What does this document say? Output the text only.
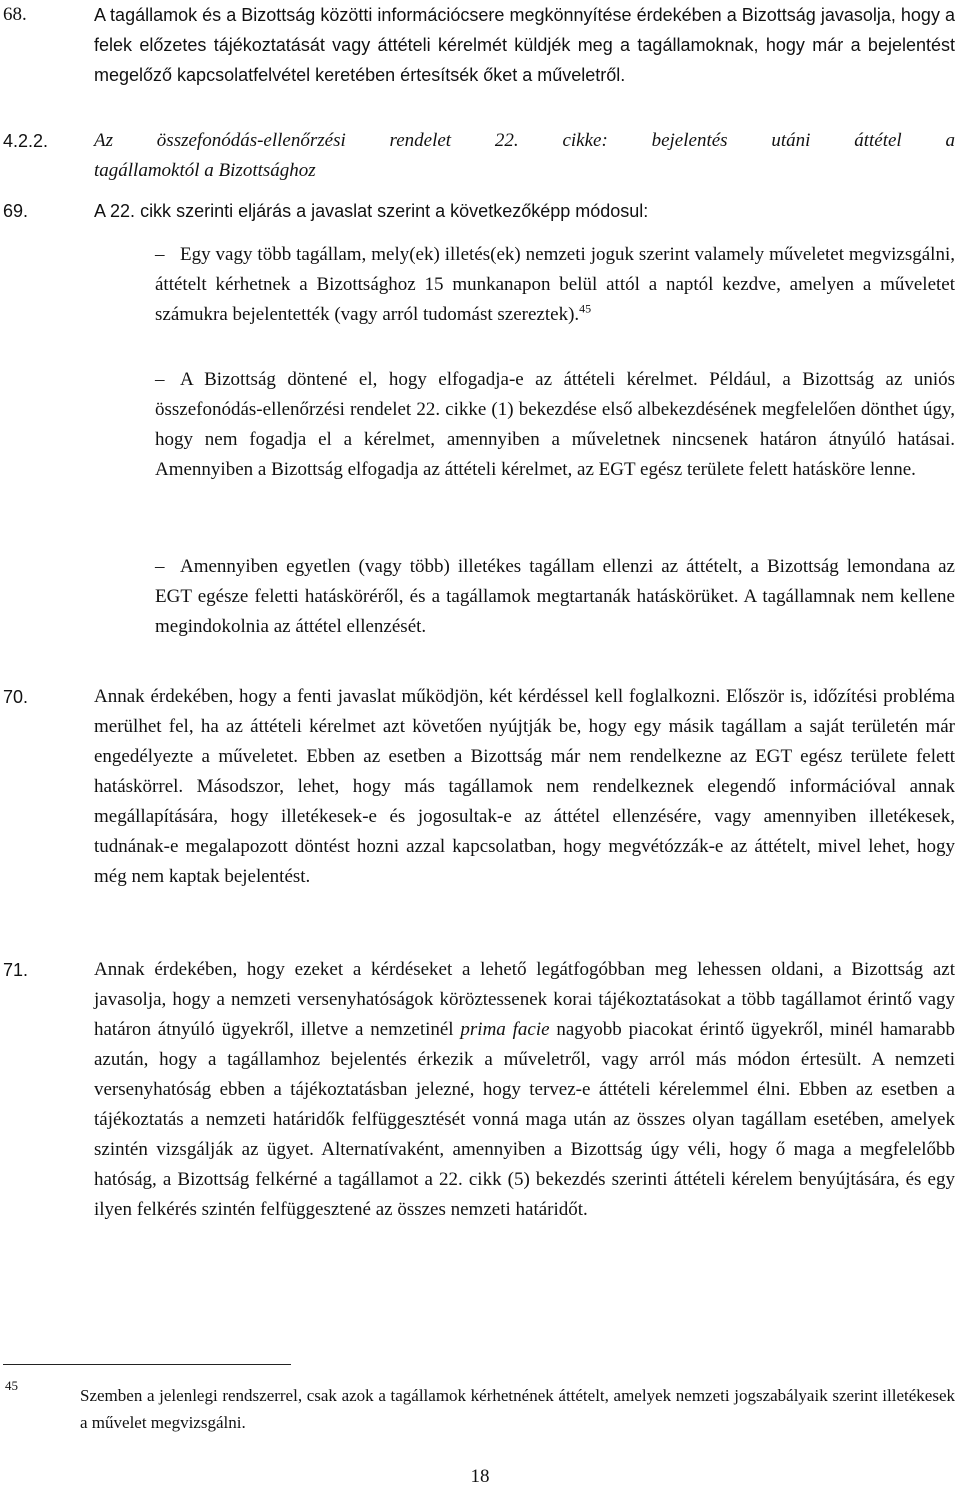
68.	A tagállamok és a Bizottság közötti információcsere megkönnyítése érdekében a Bizottság javasolja, hogy a felek előzetes tájékoztatását vagy áttételi kérelmét küldjék meg a tagállamoknak, hogy már a bejelentést megelőző kapcsolatfelvétel keretében értesítsék őket a műveletről.

4.2.2. Az összefonódás-ellenőrzési rendelet 22. cikke: bejelentés utáni áttétel a
tagállamoktól a Bizottsághoz
69.	A 22. cikk szerinti eljárás a javaslat szerint a következőképp módosul:

– Egy vagy több tagállam, mely(ek) illetés(ek) nemzeti joguk szerint valamely műveletet megvizsgálni, áttételt kérhetnek a Bizottsághoz 15 munkanapon belül attól a naptól kezdve, amelyen a műveletet számukra bejelentették (vagy arról tudomást szereztek).$^{45}$

– A Bizottság döntené el, hogy elfogadja-e az áttételi kérelmet. Például, a Bizottság az uniós összefonódás-ellenőrzési rendelet 22. cikke (1) bekezdése első albekezdésének megfelelően dönthet úgy, hogy nem fogadja el a kérelmet, amennyiben a műveletnek nincsenek határon átnyúló hatásai. Amennyiben a Bizottság elfogadja az áttételi kérelmet, az EGT egész területe felett hatásköre lenne.

– Amennyiben egyetlen (vagy több) illetékes tagállam ellenzi az áttételt, a Bizottság lemondana az EGT egésze feletti hatásköréről, és a tagállamok megtartanák hatáskörüket. A tagállamnak nem kellene megindokolnia az áttétel ellenzését.

70.	Annak érdekében, hogy a fenti javaslat működjön, két kérdéssel kell foglalkozni. Először is, időzítési probléma merülhet fel, ha az áttételi kérelmet azt követően nyújtják be, hogy egy másik tagállam a saját területén már engedélyezte a műveletet. Ebben az esetben a Bizottság már nem rendelkezne az EGT egész területe felett hatáskörrel. Másodszor, lehet, hogy más tagállamok nem rendelkeznek elegendő információval annak megállapítására, hogy illetékesek-e és jogosultak-e az áttétel ellenzésére, vagy amennyiben illetékesek, tudnának-e megalapozott döntést hozni azzal kapcsolatban, hogy megvétózzák-e az áttételt, mivel lehet, hogy még nem kaptak bejelentést.

71.	Annak érdekében, hogy ezeket a kérdéseket a lehető legátfogóbban meg lehessen oldani, a Bizottság azt javasolja, hogy a nemzeti versenyhatóságok köröztessenek korai tájékoztatásokat a több tagállamot érintő vagy határon átnyúló ügyekről, illetve a nemzetinél prima facie nagyobb piacokat érintő ügyekről, minél hamarabb azután, hogy a tagállamhoz bejelentés érkezik a műveletről, vagy arról más módon értesült. A nemzeti versenyhatóság ebben a tájékoztatásban jelezné, hogy tervez-e áttételi kérelemmel élni. Ebben az esetben a tájékoztatás a nemzeti határidők felfüggesztését vonná maga után az összes olyan tagállam esetében, amelyek szintén vizsgálják az ügyet. Alternatívaként, amennyiben a Bizottság úgy véli, hogy ő maga a megfelelőbb hatóság, a Bizottság felkérné a tagállamot a 22. cikk (5) bekezdés szerinti áttételi kérelem benyújtására, és egy ilyen felkérés szintén felfüggesztené az összes nemzeti határidőt.

45

Szemben a jelenlegi rendszerrel, csak azok a tagállamok kérhetnének áttételt, amelyek nemzeti jogszabályaik szerint illetékesek a művelet megvizsgálni.

18
